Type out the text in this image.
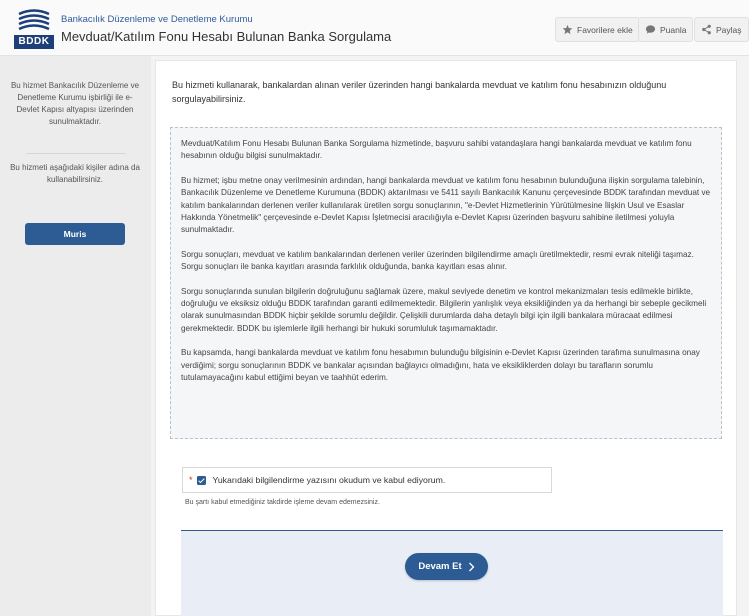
BDDK
Bankacılık Düzenleme ve Denetleme Kurumu
Mevduat/Katılım Fonu Hesabı Bulunan Banka Sorgulama	Favorilere ekle	Puanla	Paylaş
Bu hizmet Bankacılık Düzenleme ve Denetleme Kurumu işbirliği ile e-Devlet Kapısı altyapısı üzerinden sunulmaktadır.
Bu hizmeti aşağıdaki kişiler adına da kullanabilirsiniz.
Muris
Bu hizmeti kullanarak, bankalardan alınan veriler üzerinden hangi bankalarda mevduat ve katılım fonu hesabınızın olduğunu sorgulayabilirsiniz.

Mevduat/Katılım Fonu Hesabı Bulunan Banka Sorgulama hizmetinde, başvuru sahibi vatandaşlara hangi bankalarda mevduat ve katılım fonu hesabının olduğu bilgisi sunulmaktadır.

Bu hizmet; işbu metne onay verilmesinin ardından, hangi bankalarda mevduat ve katılım fonu hesabının bulunduğuna ilişkin sorgulama talebinin, Bankacılık Düzenleme ve Denetleme Kurumuna (BDDK) aktarılması ve 5411 sayılı Bankacılık Kanunu çerçevesinde BDDK tarafından mevduat ve katılım bankalarından derlenen veriler kullanılarak üretilen sorgu sonuçlarının, "e-Devlet Hizmetlerinin Yürütülmesine İlişkin Usul ve Esaslar Hakkında Yönetmelik" çerçevesinde e-Devlet Kapısı İşletmecisi aracılığıyla e-Devlet Kapısı üzerinden başvuru sahibine iletilmesi yoluyla sunulmaktadır.

Sorgu sonuçları, mevduat ve katılım bankalarından derlenen veriler üzerinden bilgilendirme amaçlı üretilmektedir, resmi evrak niteliği taşımaz. Sorgu sonuçları ile banka kayıtları arasında farklılık olduğunda, banka kayıtları esas alınır.

Sorgu sonuçlarında sunulan bilgilerin doğruluğunu sağlamak üzere, makul seviyede denetim ve kontrol mekanizmaları tesis edilmekle birlikte, doğruluğu ve eksiksiz olduğu BDDK tarafından garanti edilmemektedir. Bilgilerin yanlışlık veya eksikliğinden ya da herhangi bir sebeple gecikmeli olarak sunulmasından BDDK hiçbir şekilde sorumlu değildir. Çelişkili durumlarda daha detaylı bilgi için ilgili bankalara müracaat edilmesi gerekmektedir. BDDK bu işlemlerle ilgili herhangi bir hukuki sorumluluk taşımamaktadır.

Bu kapsamda, hangi bankalarda mevduat ve katılım fonu hesabımın bulunduğu bilgisinin e-Devlet Kapısı üzerinden tarafıma sunulmasına onay verdiğimi; sorgu sonuçlarının BDDK ve bankalar açısından bağlayıcı olmadığını, hata ve eksikliklerden dolayı bu tarafların sorumlu tutulamayacağını kabul ettiğimi beyan ve taahhüt ederim.

* Yukarıdaki bilgilendirme yazısını okudum ve kabul ediyorum.
Bu şartı kabul etmediğiniz takdirde işleme devam edemezsiniz.
Devam Et
